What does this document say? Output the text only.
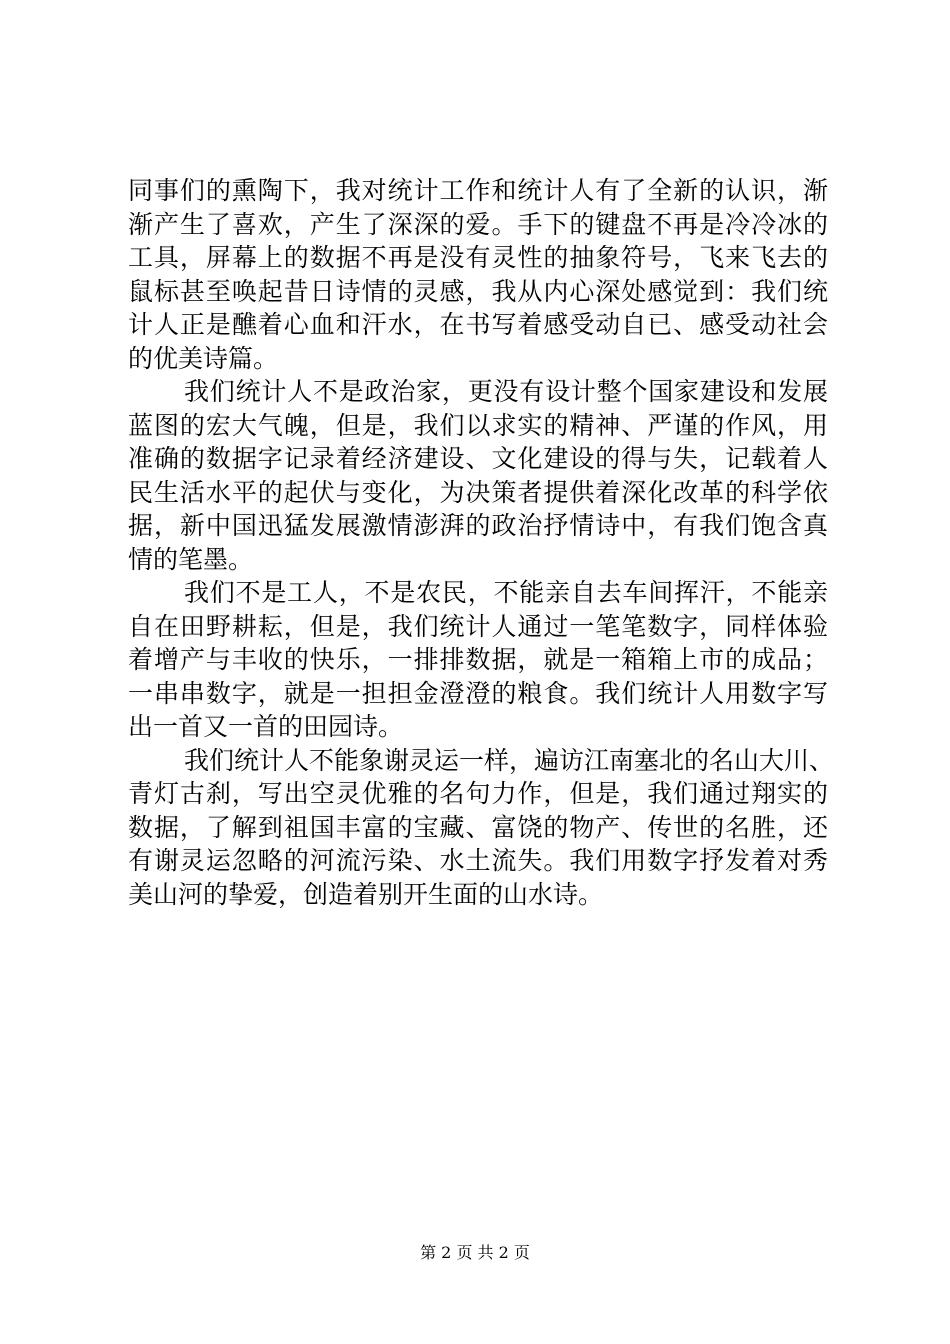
同事们的熏陶下，我对统计工作和统计人有了全新的认识，渐
渐产生了喜欢，产生了深深的爱。手下的键盘不再是冷冷冰的
工具，屏幕上的数据不再是没有灵性的抽象符号，飞来飞去的
鼠标甚至唤起昔日诗情的灵感，我从内心深处感觉到：我们统
计人正是醮着心血和汗水，在书写着感受动自已、感受动社会
的优美诗篇。
我们统计人不是政治家，更没有设计整个国家建设和发展
蓝图的宏大气魄，但是，我们以求实的精神、严谨的作风，用
准确的数据字记录着经济建设、文化建设的得与失，记载着人
民生活水平的起伏与变化，为决策者提供着深化改革的科学依
据，新中国迅猛发展激情澎湃的政治抒情诗中，有我们饱含真
情的笔墨。
我们不是工人，不是农民，不能亲自去车间挥汗，不能亲
自在田野耕耘，但是，我们统计人通过一笔笔数字，同样体验
着增产与丰收的快乐，一排排数据，就是一箱箱上市的成品；
一串串数字，就是一担担金澄澄的粮食。我们统计人用数字写
出一首又一首的田园诗。
我们统计人不能象谢灵运一样，遍访江南塞北的名山大川、
青灯古刹，写出空灵优雅的名句力作，但是，我们通过翔实的
数据，了解到祖国丰富的宝藏、富饶的物产、传世的名胜，还
有谢灵运忽略的河流污染、水土流失。我们用数字抒发着对秀
美山河的挚爱，创造着别开生面的山水诗。
第 2 页 共 2 页
